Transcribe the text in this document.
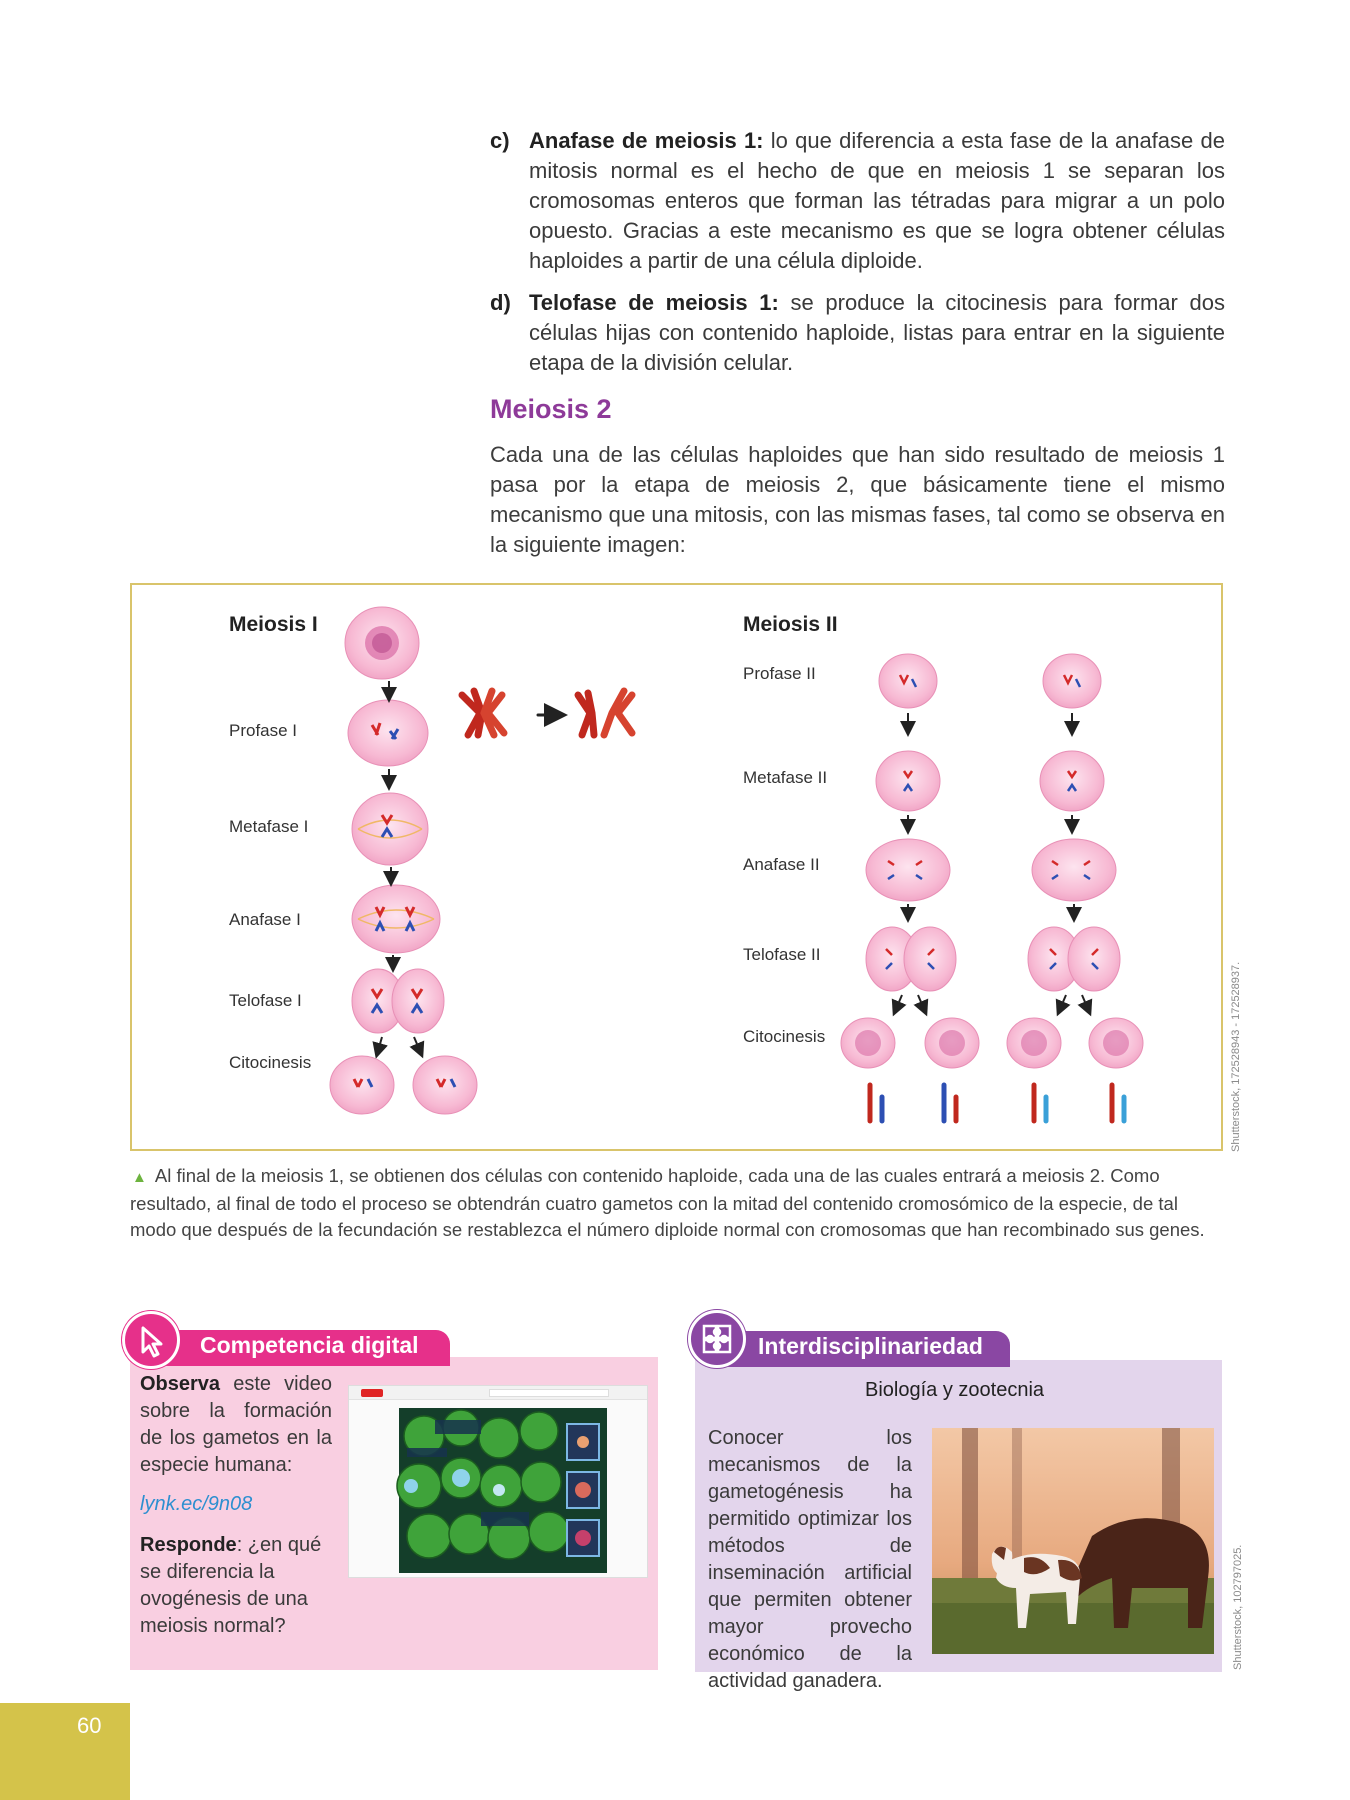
c) Anafase de meiosis 1: lo que diferencia a esta fase de la anafase de mitosis normal es el hecho de que en meiosis 1 se separan los cromosomas enteros que forman las tétradas para migrar a un polo opuesto. Gracias a este mecanismo es que se logra obtener células haploides a partir de una célula diploide.
d) Telofase de meiosis 1: se produce la citocinesis para formar dos células hijas con contenido haploide, listas para entrar en la siguiente etapa de la división celular.
Meiosis 2
Cada una de las células haploides que han sido resultado de meiosis 1 pasa por la etapa de meiosis 2, que básicamente tiene el mismo mecanismo que una mitosis, con las mismas fases, tal como se observa en la siguiente imagen:
Meiosis I	Meiosis II
Profase I
Metafase I
Anafase I
Telofase I
Citocinesis
Profase II
Metafase II
Anafase II
Telofase II
Citocinesis	Shutterstock, 172528943 - 172528937.
▲ Al final de la meiosis 1, se obtienen dos células con contenido haploide, cada una de las cuales entrará a meiosis 2. Como resultado, al final de todo el proceso se obtendrán cuatro gametos con la mitad del contenido cromosómico de la especie, de tal modo que después de la fecundación se restablezca el número diploide normal con cromosomas que han recombinado sus genes.
Competencia digital
Observa este video sobre la formación de los gametos en la especie humana:
lynk.ec/9n08
Responde: ¿en qué se diferencia la ovogénesis de una meiosis normal?
Interdisciplinariedad
Biología y zootecnia
Conocer los mecanismos de la gametogénesis ha permitido optimizar los métodos de inseminación artificial que permiten obtener mayor provecho económico de la actividad ganadera.
Shutterstock, 102797025.
60
